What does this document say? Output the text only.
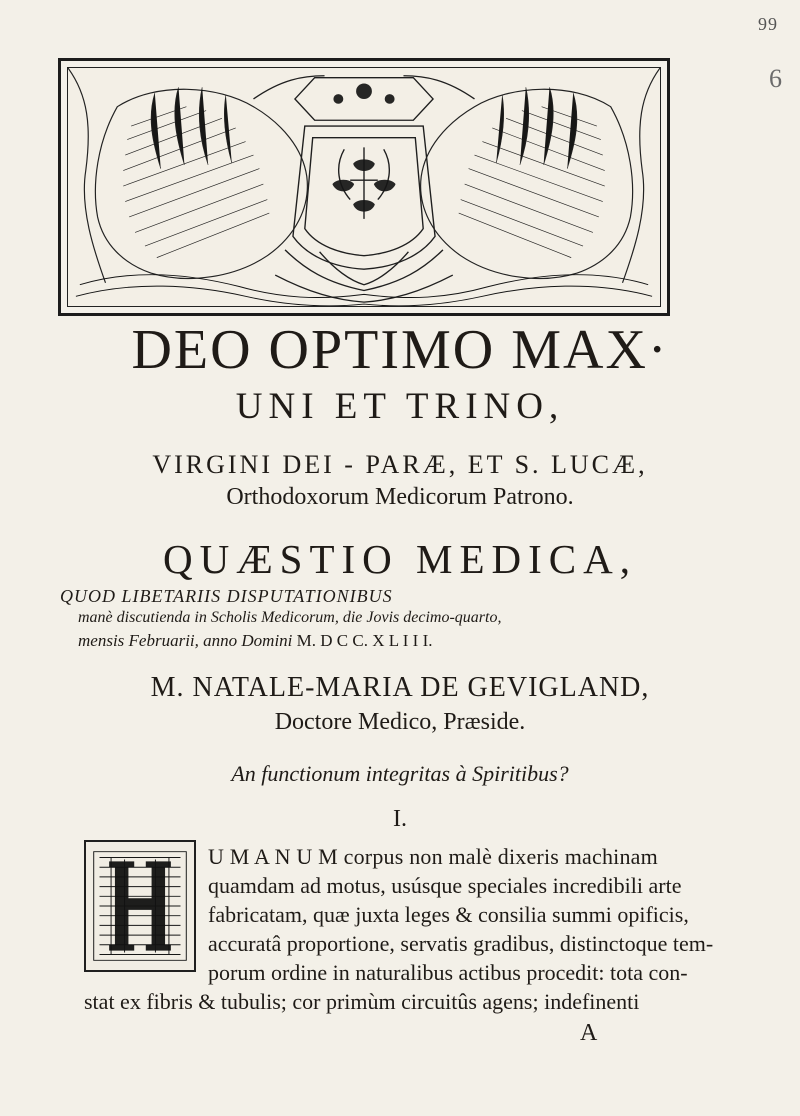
99
6
DEO OPTIMO MAX·
UNI ET TRINO,
VIRGINI DEI - PARÆ, ET S. LUCÆ,
Orthodoxorum Medicorum Patrono.
QUÆSTIO MEDICA,
QUOD LIBETARIIS DISPUTATIONIBUS
manè discutienda in Scholis Medicorum, die Jovis decimo-quarto,
mensis Februarii, anno Domini M. D C C. X L I I I.
M. NATALE-MARIA DE GEVIGLAND,
Doctore Medico, Præside.
An functionum integritas à Spiritibus?
I.
U M A N U M corpus non malè dixeris machinam
quamdam ad motus, usúsque speciales incredibili arte
fabricatam, quæ juxta leges & consilia summi opificis,
accuratâ proportione, servatis gradibus, distinctoque tem-
porum ordine in naturalibus actibus procedit: tota con-
stat ex fibris & tubulis; cor primùm circuitûs agens; indefinenti
A
